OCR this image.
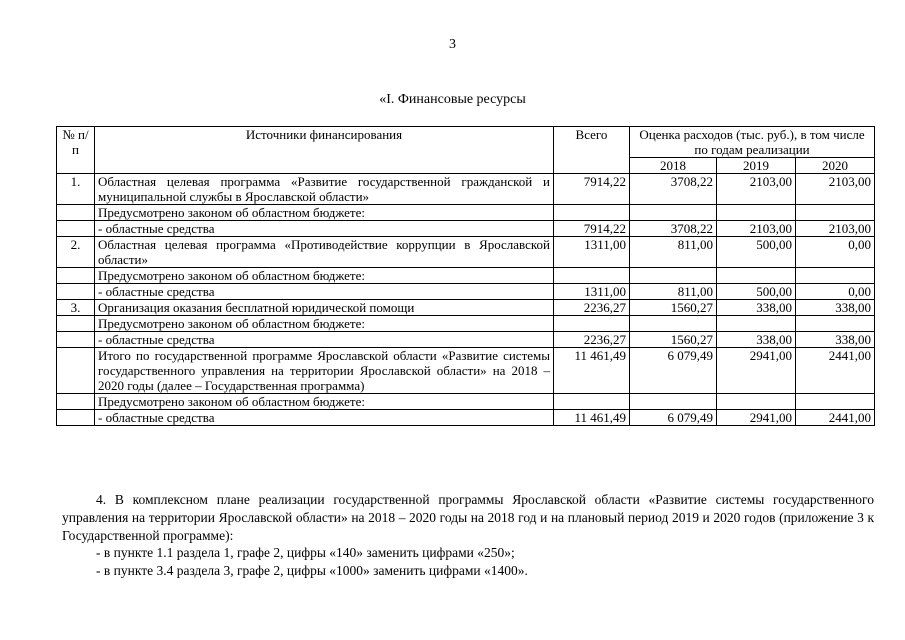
3
«I. Финансовые ресурсы
№ п/п	Источники финансирования	Всего	Оценка расходов (тыс. руб.), в том числе по годам реализации		
			2018	2019	2020
1.	Областная целевая программа «Развитие государственной гражданской и муниципальной службы в Ярославской области»	7914,22	3708,22	2103,00	2103,00
	Предусмотрено законом об областном бюджете:				
	- областные средства	7914,22	3708,22	2103,00	2103,00
2.	Областная целевая программа «Противодействие коррупции в Ярославской области»	1311,00	811,00	500,00	0,00
	Предусмотрено законом об областном бюджете:				
	- областные средства	1311,00	811,00	500,00	0,00
3.	Организация оказания бесплатной юридической помощи	2236,27	1560,27	338,00	338,00
	Предусмотрено законом об областном бюджете:				
	- областные средства	2236,27	1560,27	338,00	338,00
	Итого по государственной программе Ярославской области «Развитие системы государственного управления на территории Ярославской области» на 2018 – 2020 годы (далее – Государственная программа)	11 461,49	6 079,49	2941,00	2441,00
	Предусмотрено законом об областном бюджете:				
	- областные средства	11 461,49	6 079,49	2941,00	2441,00
4. В комплексном плане реализации государственной программы Ярославской области «Развитие системы государственного управления на территории Ярославской области» на 2018 – 2020 годы на 2018 год и на плановый период 2019 и 2020 годов (приложение 3 к Государственной программе):
- в пункте 1.1 раздела 1, графе 2, цифры «140» заменить цифрами «250»;
- в пункте 3.4 раздела 3, графе 2, цифры «1000» заменить цифрами «1400».
